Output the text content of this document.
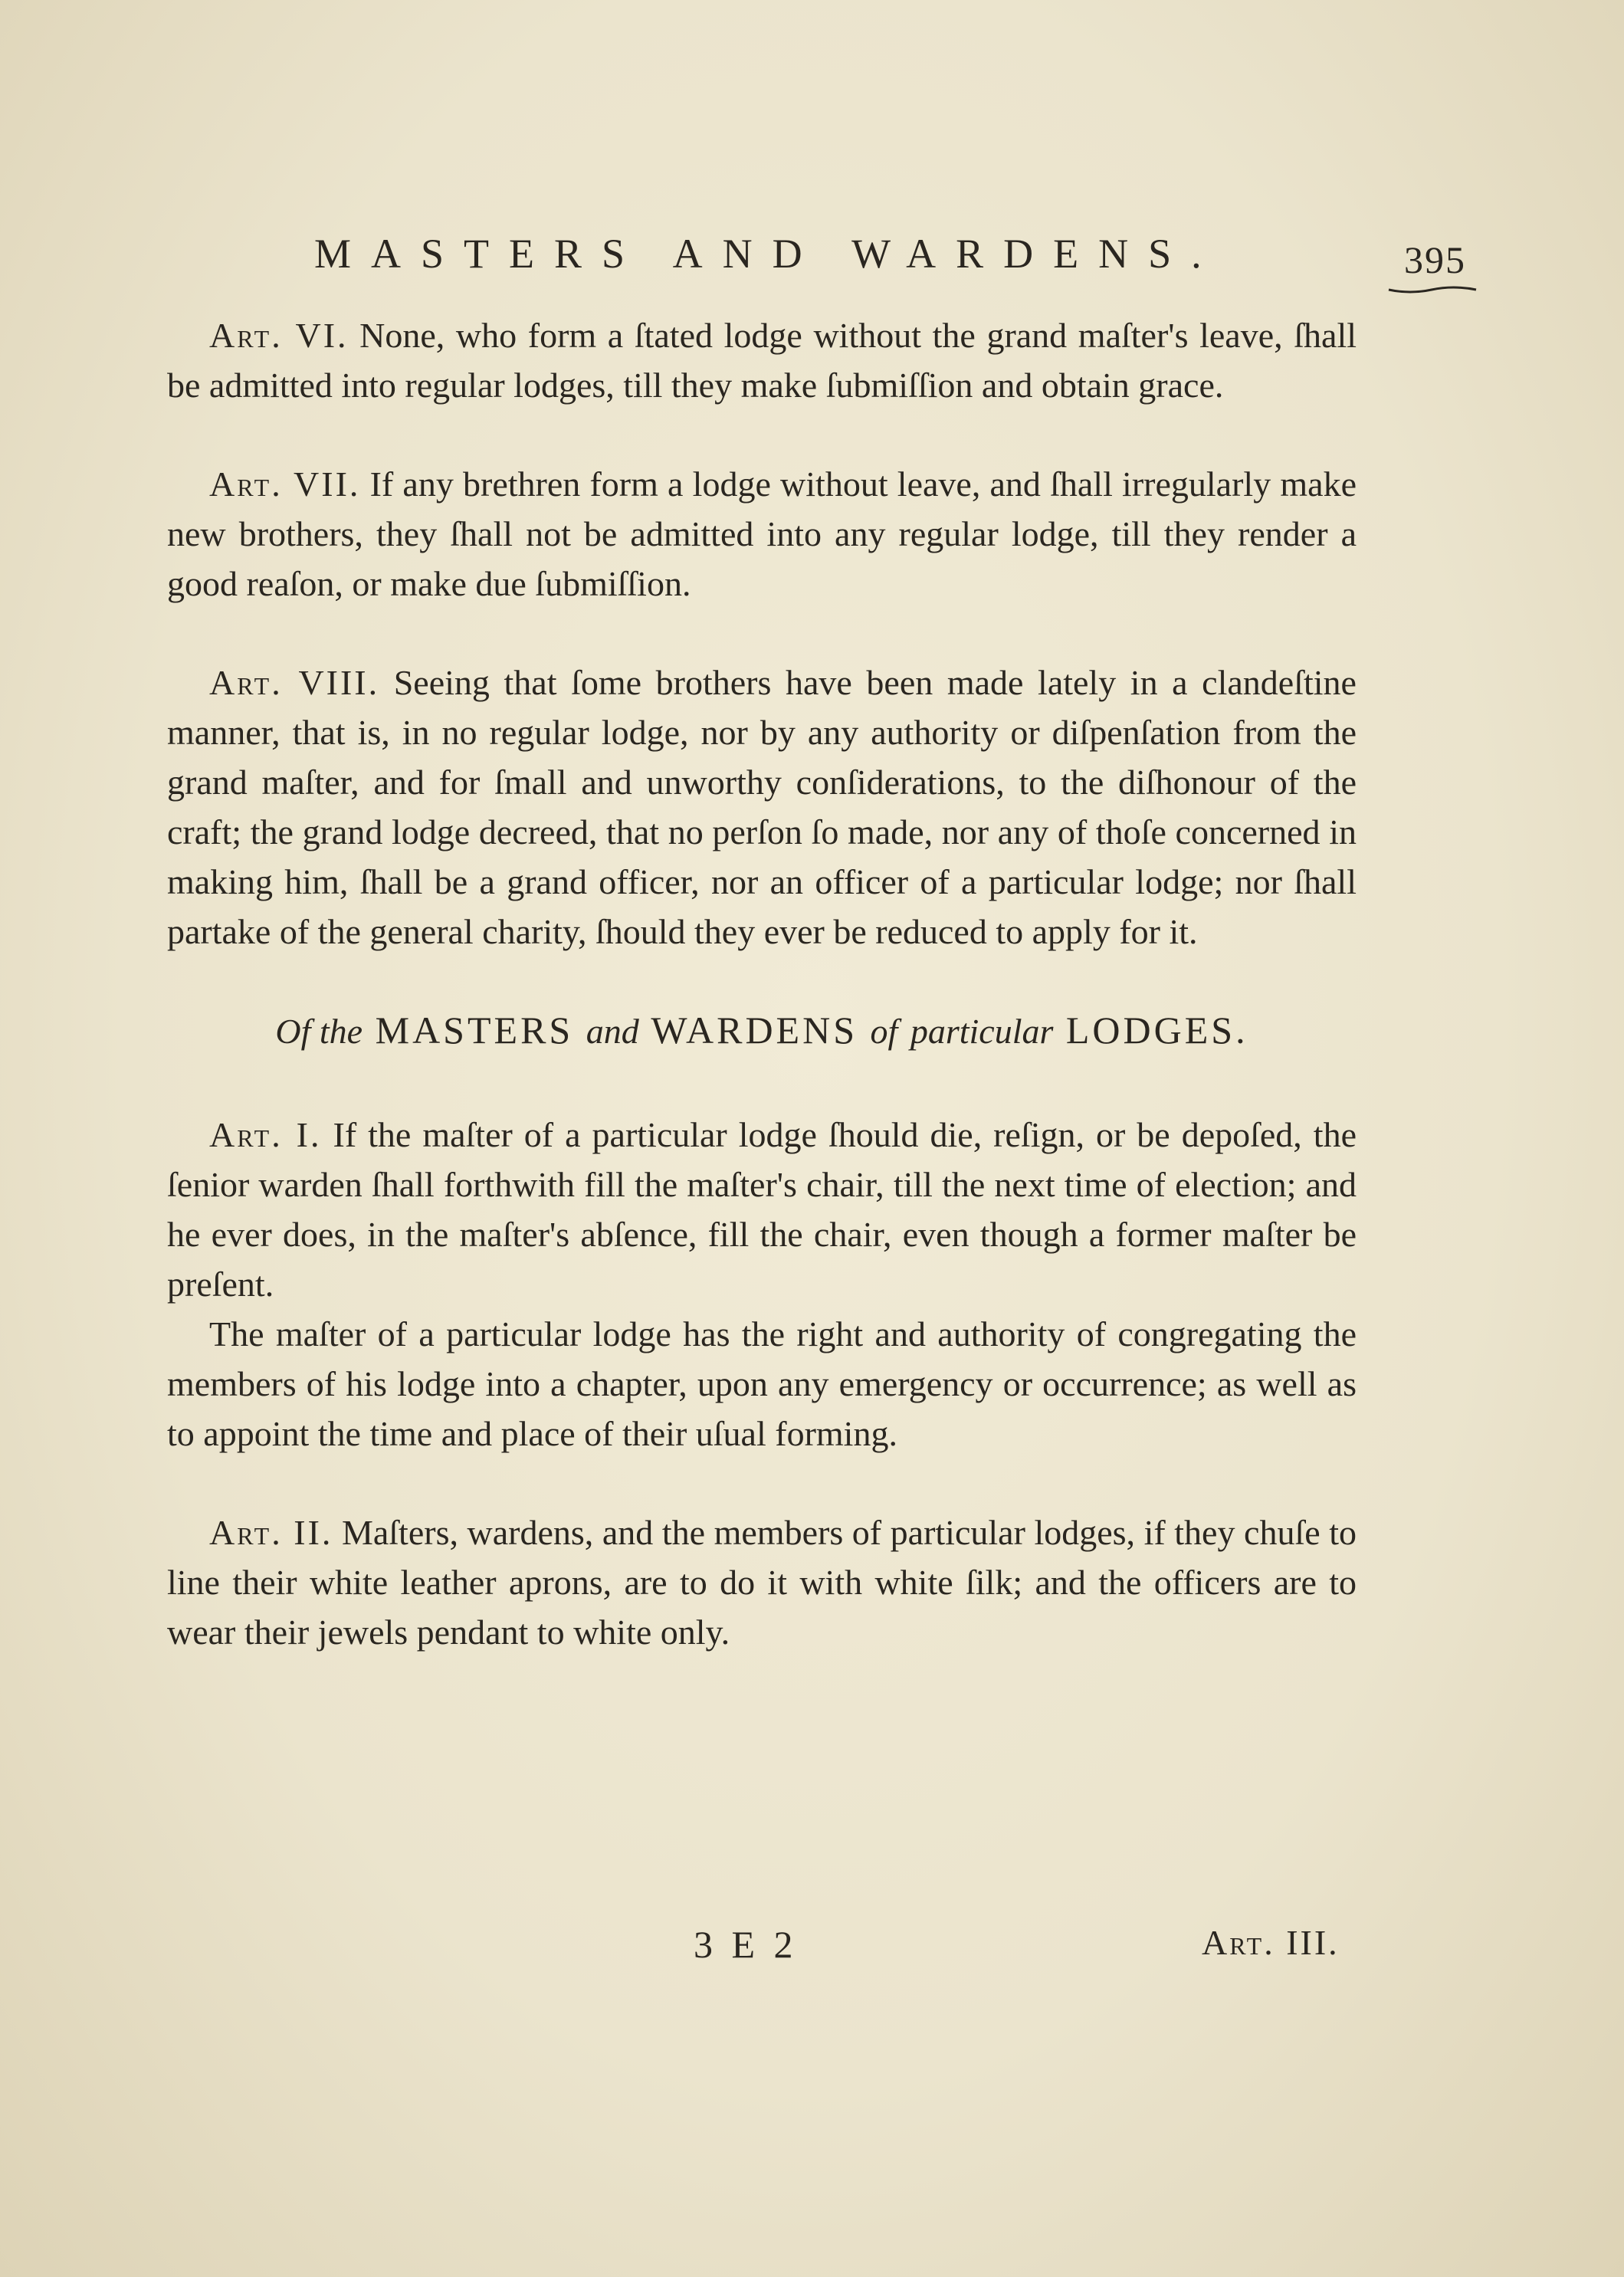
MASTERS AND WARDENS.	395

Art. VI. None, who form a ſtated lodge without the grand maſter's leave, ſhall be admitted into regular lodges, till they make ſubmiſſion and obtain grace.

Art. VII. If any brethren form a lodge without leave, and ſhall irregularly make new brothers, they ſhall not be admitted into any regular lodge, till they render a good reaſon, or make due ſubmiſſion.

Art. VIII. Seeing that ſome brothers have been made lately in a clandeſtine manner, that is, in no regular lodge, nor by any authority or diſpenſation from the grand maſter, and for ſmall and unworthy conſiderations, to the diſhonour of the craft; the grand lodge decreed, that no perſon ſo made, nor any of thoſe concerned in making him, ſhall be a grand officer, nor an officer of a particular lodge; nor ſhall partake of the general charity, ſhould they ever be reduced to apply for it.

Of the MASTERS and WARDENS of particular LODGES.

Art. I. If the maſter of a particular lodge ſhould die, reſign, or be depoſed, the ſenior warden ſhall forthwith fill the maſter's chair, till the next time of election; and he ever does, in the maſter's abſence, fill the chair, even though a former maſter be preſent.

The maſter of a particular lodge has the right and authority of congregating the members of his lodge into a chapter, upon any emergency or occurrence; as well as to appoint the time and place of their uſual forming.

Art. II. Maſters, wardens, and the members of particular lodges, if they chuſe to line their white leather aprons, are to do it with white ſilk; and the officers are to wear their jewels pendant to white only.

3 E 2	Art. III.
